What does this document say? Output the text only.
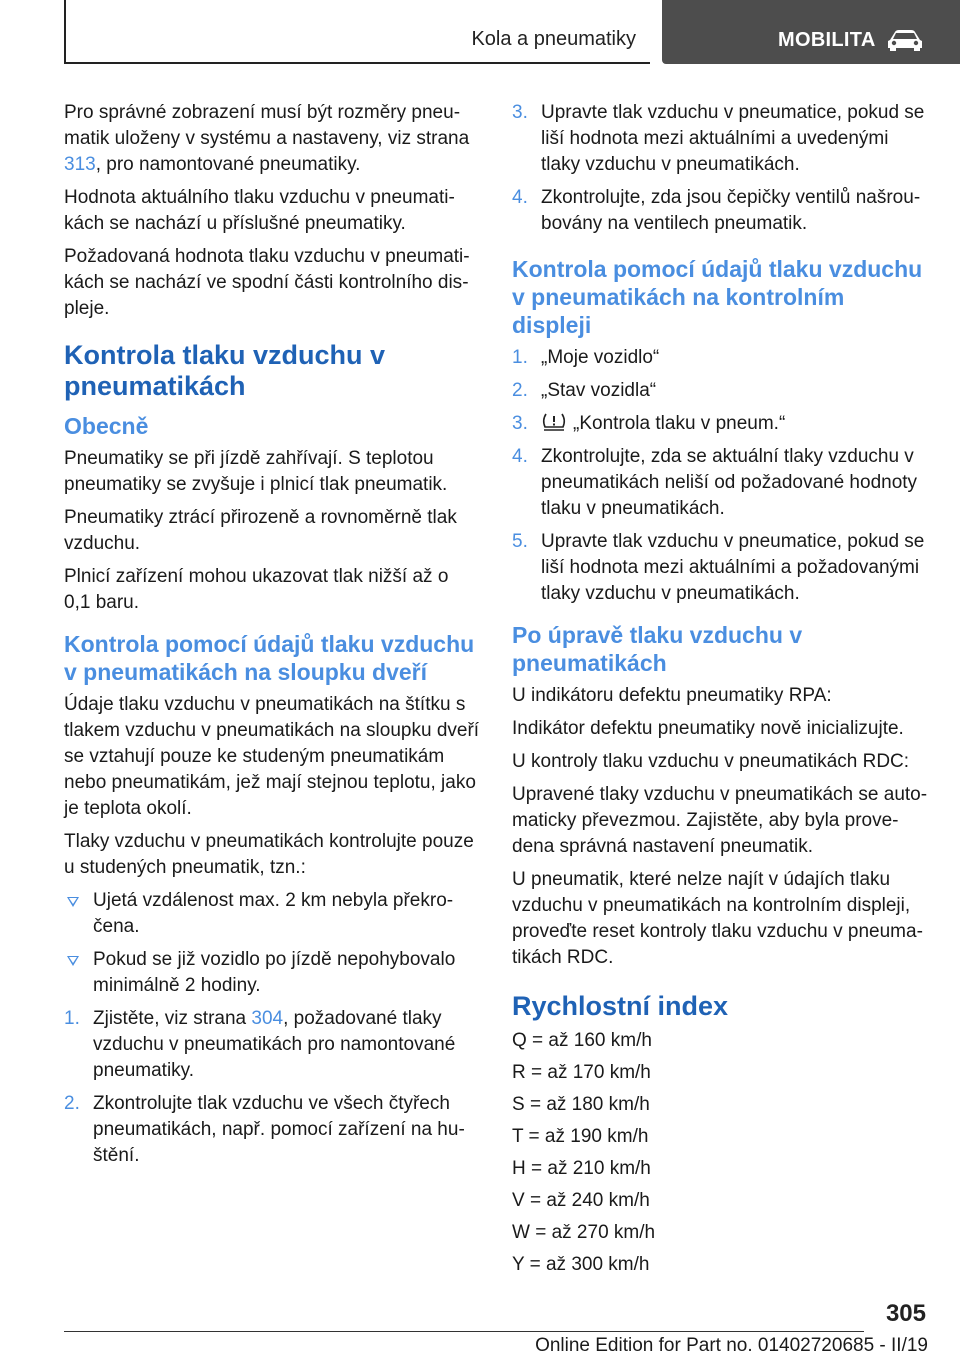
Kola a pneumatiky	MOBILITA

Pro správné zobrazení musí být rozměry pneumatik uloženy v systému a nastaveny, viz strana 313, pro namontované pneumatiky.

Hodnota aktuálního tlaku vzduchu v pneumatikách se nachází u příslušné pneumatiky.

Požadovaná hodnota tlaku vzduchu v pneumatikách se nachází ve spodní části kontrolního displeje.

Kontrola tlaku vzduchu v pneumatikách
Obecně

Pneumatiky se při jízdě zahřívají. S teplotou pneumatiky se zvyšuje i plnicí tlak pneumatik.

Pneumatiky ztrácí přirozeně a rovnoměrně tlak vzduchu.

Plnicí zařízení mohou ukazovat tlak nižší až o 0,1 baru.

Kontrola pomocí údajů tlaku vzduchu v pneumatikách na sloupku dveří

Údaje tlaku vzduchu v pneumatikách na štítku s tlakem vzduchu v pneumatikách na sloupku dveří se vztahují pouze ke studeným pneumatikám nebo pneumatikám, jež mají stejnou teplotu, jako je teplota okolí.

Tlaky vzduchu v pneumatikách kontrolujte pouze u studených pneumatik, tzn.:

Ujetá vzdálenost max. 2 km nebyla překročena.
Pokud se již vozidlo po jízdě nepohybovalo minimálně 2 hodiny.
1. Zjistěte, viz strana 304, požadované tlaky vzduchu v pneumatikách pro namontované pneumatiky.
2. Zkontrolujte tlak vzduchu ve všech čtyřech pneumatikách, např. pomocí zařízení na huštění.
3. Upravte tlak vzduchu v pneumatice, pokud se liší hodnota mezi aktuálními a uvedenými tlaky vzduchu v pneumatikách.
4. Zkontrolujte, zda jsou čepičky ventilů našroubovány na ventilech pneumatik.
Kontrola pomocí údajů tlaku vzduchu v pneumatikách na kontrolním displeji
1. „Moje vozidlo“
2. „Stav vozidla“
3. „Kontrola tlaku v pneum.“
4. Zkontrolujte, zda se aktuální tlaky vzduchu v pneumatikách neliší od požadované hodnoty tlaku v pneumatikách.
5. Upravte tlak vzduchu v pneumatice, pokud se liší hodnota mezi aktuálními a požadovanými tlaky vzduchu v pneumatikách.
Po úpravě tlaku vzduchu v pneumatikách

U indikátoru defektu pneumatiky RPA:

Indikátor defektu pneumatiky nově inicializujte.

U kontroly tlaku vzduchu v pneumatikách RDC:

Upravené tlaky vzduchu v pneumatikách se automaticky převezmou. Zajistěte, aby byla provedena správná nastavení pneumatik.

U pneumatik, které nelze najít v údajích tlaku vzduchu v pneumatikách na kontrolním displeji, proveďte reset kontroly tlaku vzduchu v pneumatikách RDC.

Rychlostní index

Q = až 160 km/h

R = až 170 km/h

S = až 180 km/h

T = až 190 km/h

H = až 210 km/h

V = až 240 km/h

W = až 270 km/h

Y = až 300 km/h

305
Online Edition for Part no. 01402720685 - II/19
